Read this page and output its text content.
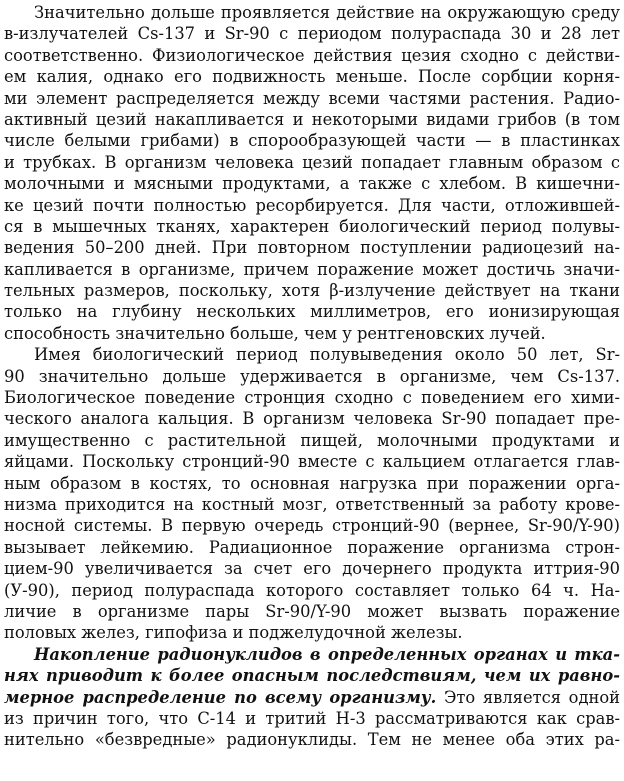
Значительно дольше проявляется действие на окружающую среду
в-излучателей Cs-137 и Sr-90 с периодом полураспада 30 и 28 лет
соответственно. Физиологическое действия цезия сходно с действи-
ем калия, однако его подвижность меньше. После сорбции корня-
ми элемент распределяется между всеми частями растения. Радио-
активный цезий накапливается и некоторыми видами грибов (в том
числе белыми грибами) в спорообразующей части — в пластинках
и трубках. В организм человека цезий попадает главным образом с
молочными и мясными продуктами, а также с хлебом. В кишечни-
ке цезий почти полностью ресорбируется. Для части, отложившей-
ся в мышечных тканях, характерен биологический период полувы-
ведения 50–200 дней. При повторном поступлении радиоцезий на-
капливается в организме, причем поражение может достичь значи-
тельных размеров, поскольку, хотя β-излучение действует на ткани
только на глубину нескольких миллиметров, его ионизирующая
способность значительно больше, чем у рентгеновских лучей.
Имея биологический период полувыведения около 50 лет, Sr-
90 значительно дольше удерживается в организме, чем Cs-137.
Биологическое поведение стронция сходно с поведением его хими-
ческого аналога кальция. В организм человека Sr-90 попадает пре-
имущественно с растительной пищей, молочными продуктами и
яйцами. Поскольку стронций-90 вместе с кальцием отлагается глав-
ным образом в костях, то основная нагрузка при поражении орга-
низма приходится на костный мозг, ответственный за работу крове-
носной системы. В первую очередь стронций-90 (вернее, Sr-90/Y-90)
вызывает лейкемию. Радиационное поражение организма строн-
цием-90 увеличивается за счет его дочернего продукта иттрия-90
(У-90), период полураспада которого составляет только 64 ч. На-
личие в организме пары Sr-90/Y-90 может вызвать поражение
половых желез, гипофиза и поджелудочной железы.
Накопление радионуклидов в определенных органах и тка-
нях приводит к более опасным последствиям, чем их равно-
мерное распределение по всему организму. Это является одной
из причин того, что С-14 и тритий Н-3 рассматриваются как срав-
нительно «безвредные» радионуклиды. Тем не менее оба этих ра-
